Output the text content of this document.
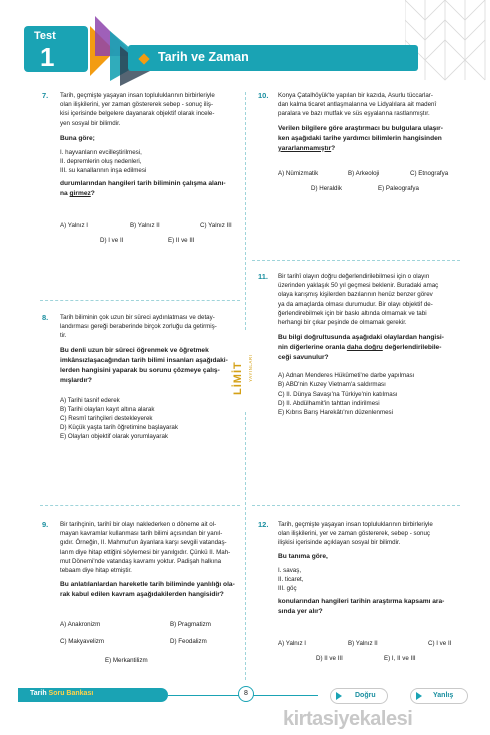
Test
1	Tarih ve Zaman
LİMİT YAYINLARI
7. Tarih, geçmişte yaşayan insan topluluklarının birbirleriyle
olan ilişkilerini, yer zaman göstererek sebep - sonuç iliş-
kisi içerisinde belgelere dayanarak objektif olarak incele-
yen sosyal bir bilimdir.

Buna göre;

I. hayvanların evcilleştirilmesi,
II. depremlerin oluş nedenleri,
III. su kanallarının inşa edilmesi

durumlarından hangileri tarih biliminin çalışma alanı-
na girmez?

A) Yalnız I	B) Yalnız II	C) Yalnız III
D) I ve II	E) II ve III
8. Tarih biliminin çok uzun bir süreci aydınlatması ve detay-
landırması gereği beraberinde birçok zorluğu da getirmiş-
tir.

Bu denli uzun bir süreci öğrenmek ve öğretmek
imkânsızlaşacağından tarih bilimi insanları aşağıdaki-
lerden hangisini yaparak bu sorunu çözmeye çalış-
mışlardır?

A) Tarihi tasnif ederek
B) Tarihi olayları kayıt altına alarak
C) Resmî tarihçileri destekleyerek
D) Küçük yaşta tarih öğretimine başlayarak
E) Olayları objektif olarak yorumlayarak

9. Bir tarihçinin, tarihî bir olayı naklederken o döneme ait ol-
mayan kavramlar kullanması tarih bilimi açısından bir yanıl-
gıdır. Örneğin, II. Mahmut'un âyanlara karşı sevgili vatandaş-
larım diye hitap ettiğini söylemesi bir yanılgıdır. Çünkü II. Mah-
mut Dönemi'nde vatandaş kavramı yoktur. Padişah halkına
tebaam diye hitap etmiştir.

Bu anlatılanlardan hareketle tarih biliminde yanlılığı ola-
rak kabul edilen kavram aşağıdakilerden hangisidir?

A) Anakronizm	B) Pragmatizm
C) Makyavelizm	D) Feodalizm
E) Merkantilizm
10. Konya Çatalhöyük'te yapılan bir kazıda, Asurlu tüccarlar-
dan kalma ticaret antlaşmalarına ve Lidyalılara ait madenî
paralara ve bazı mutfak ve süs eşyalarına rastlanmıştır.

Verilen bilgilere göre araştırmacı bu bulgulara ulaşır-
ken aşağıdaki tarihe yardımcı bilimlerin hangisinden
yararlanmamıştır?

A) Nümizmatik	B) Arkeoloji	C) Etnografya
D) Heraldik	E) Paleografya
11. Bir tarihî olayın doğru değerlendirilebilmesi için o olayın
üzerinden yaklaşık 50 yıl geçmesi beklenir. Buradaki amaç
olaya karışmış kişilerden bazılarının henüz benzer görev
ya da amaçlarda olması durumudur. Bir olayı objektif de-
ğerlendirebilmek için bir baskı altında olmamak ve tabi
herhangi bir çıkar peşinde de olmamak gerekir.

Bu bilgi doğrultusunda aşağıdaki olaylardan hangisi-
nin diğerlerine oranla daha doğru değerlendirilebile-
ceği savunulur?

A) Adnan Menderes Hükûmeti'ne darbe yapılması
B) ABD'nin Kuzey Vietnam'a saldırması
C) II. Dünya Savaşı'na Türkiye'nin katılması
D) II. Abdülhamit'in tahttan indirilmesi
E) Kıbrıs Barış Harekâtı'nın düzenlenmesi

12. Tarih, geçmişte yaşayan insan topluluklarının birbirleriyle
olan ilişkilerini, yer ve zaman göstererek, sebep - sonuç
ilişkisi içerisinde açıklayan sosyal bir bilimdir.

Bu tanıma göre,

I. savaş,
II. ticaret,
III. göç

konularından hangileri tarihin araştırma kapsamı ara-
sında yer alır?

A) Yalnız I	B) Yalnız II	C) I ve II
D) II ve III	E) I, II ve III
Tarih Soru Bankası	8	Doğru	Yanlış
kirtasiyekalesi
